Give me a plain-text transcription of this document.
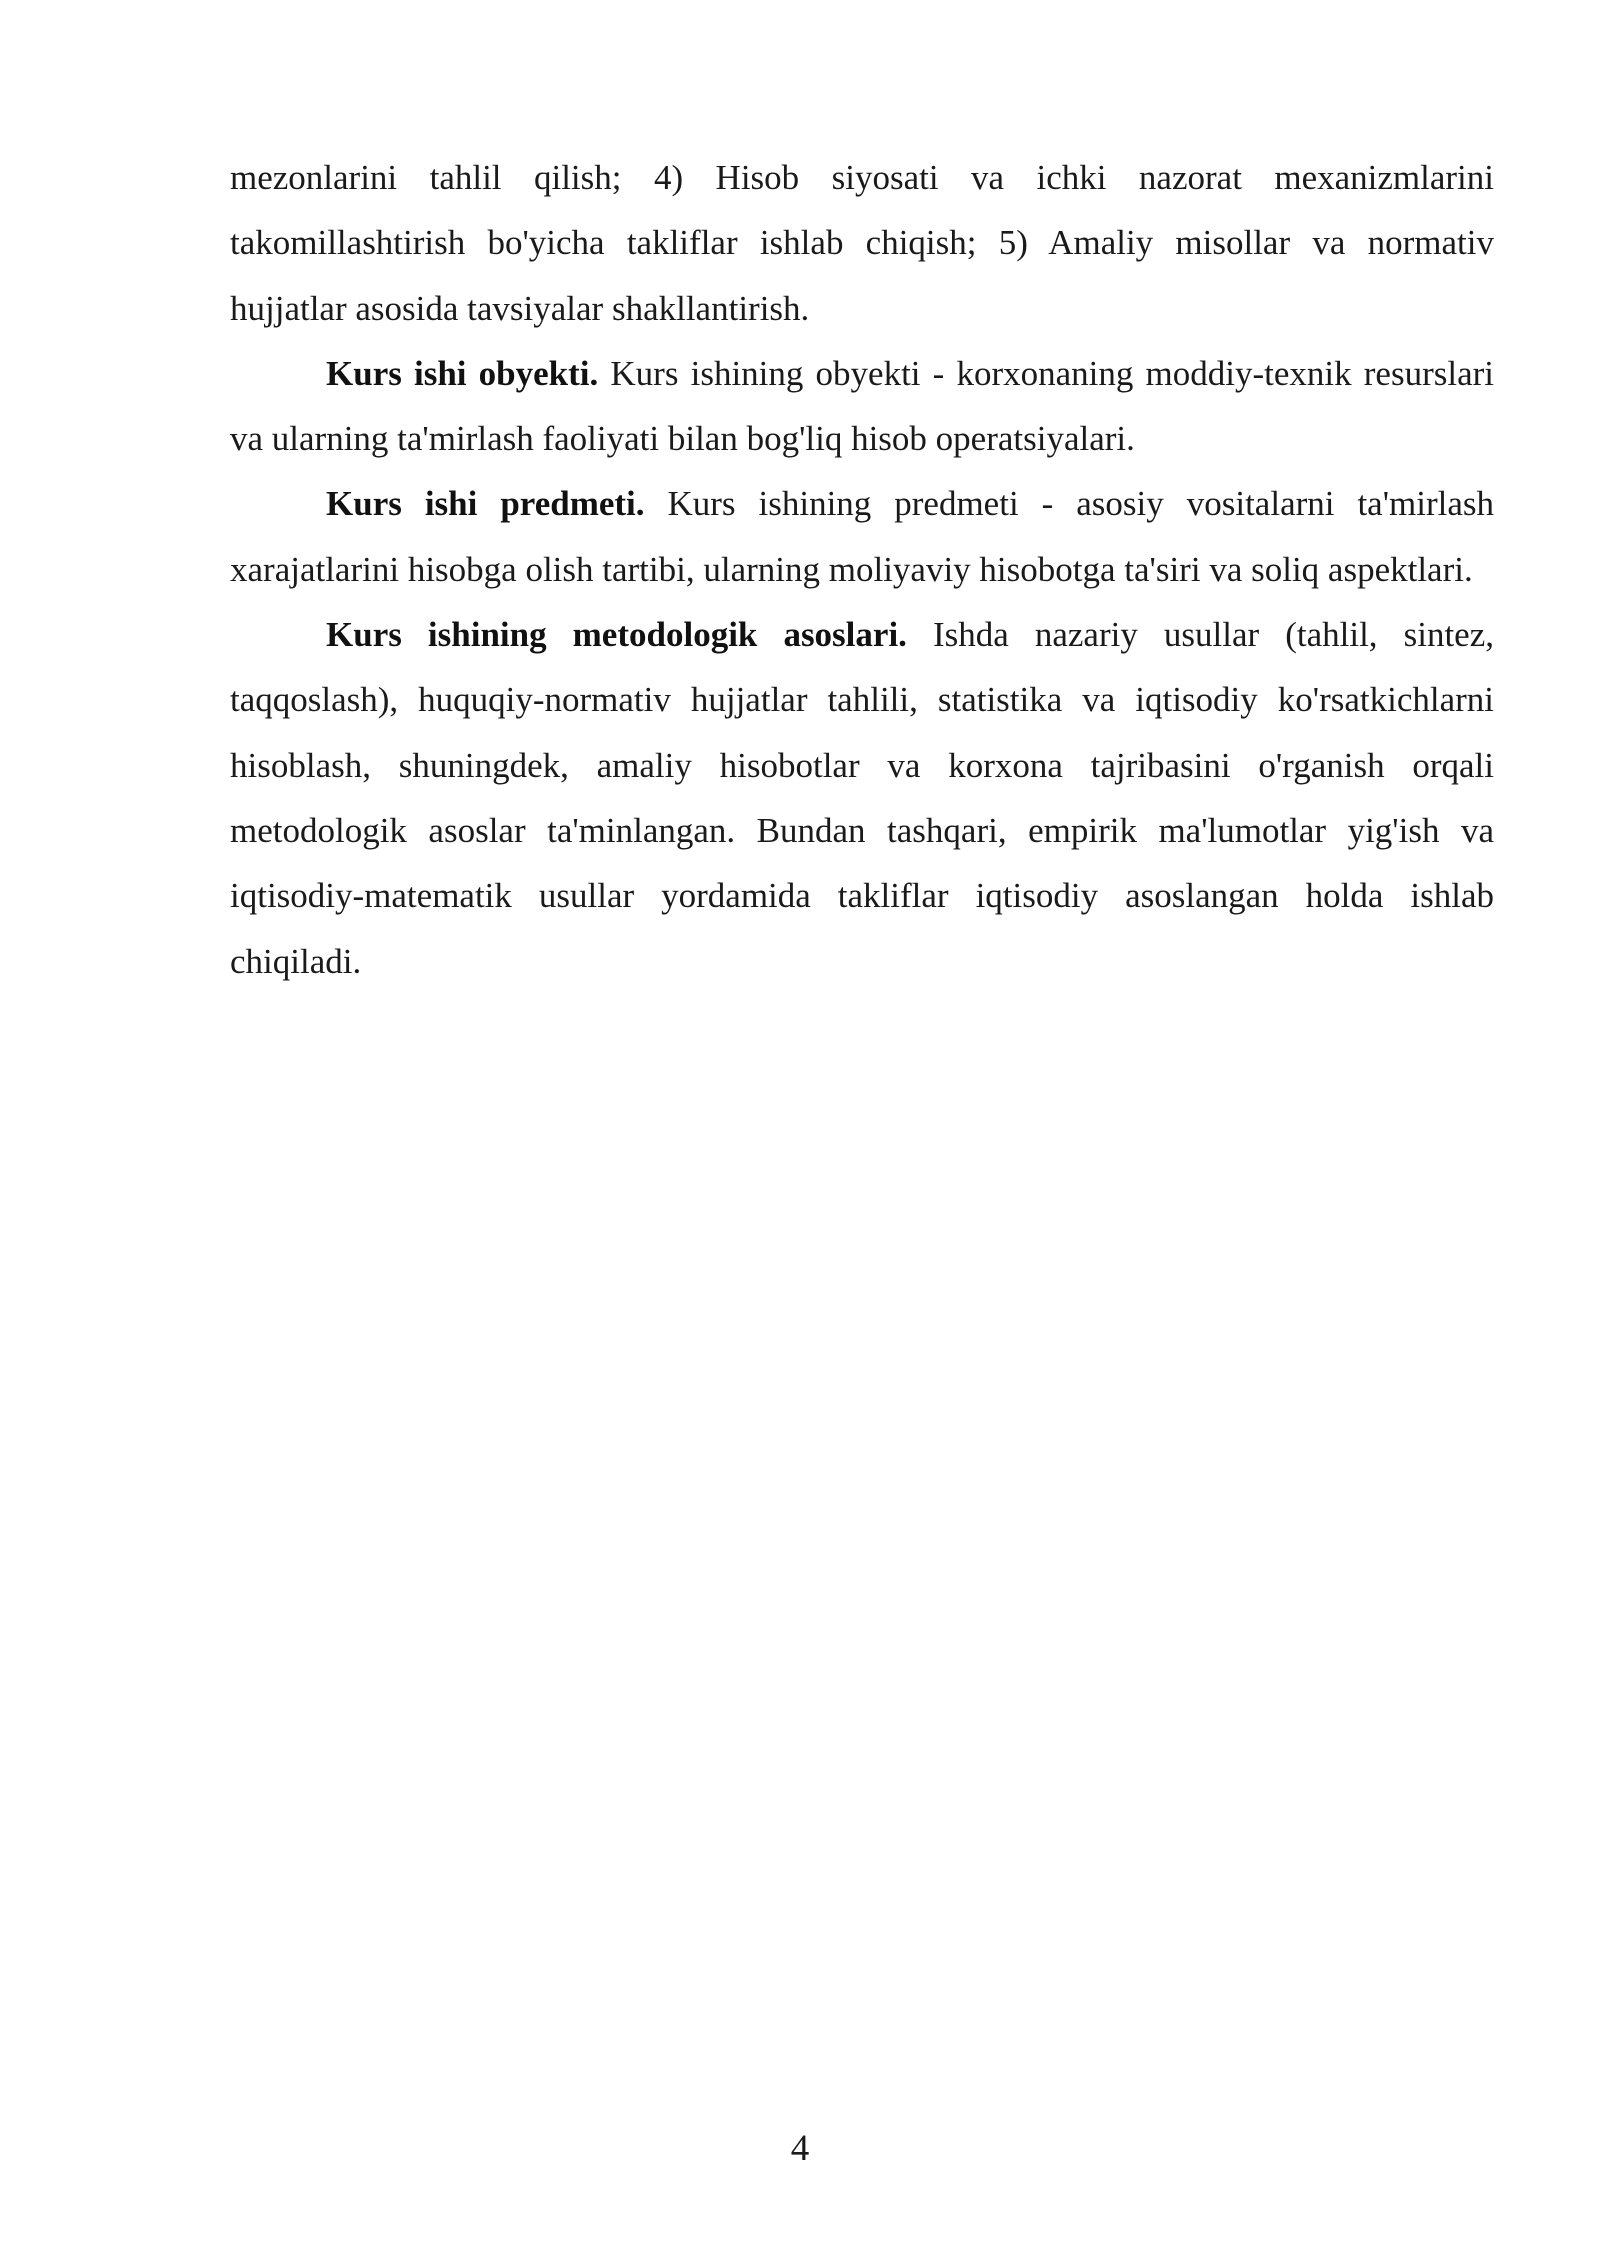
mezonlarini tahlil qilish; 4) Hisob siyosati va ichki nazorat mexanizmlarini takomillashtirish bo'yicha takliflar ishlab chiqish; 5) Amaliy misollar va normativ hujjatlar asosida tavsiyalar shakllantirish.

Kurs ishi obyekti. Kurs ishining obyekti - korxonaning moddiy-texnik resurslari va ularning ta'mirlash faoliyati bilan bog'liq hisob operatsiyalari.

Kurs ishi predmeti. Kurs ishining predmeti - asosiy vositalarni ta'mirlash xarajatlarini hisobga olish tartibi, ularning moliyaviy hisobotga ta'siri va soliq aspektlari.

Kurs ishining metodologik asoslari. Ishda nazariy usullar (tahlil, sintez, taqqoslash), huquqiy-normativ hujjatlar tahlili, statistika va iqtisodiy ko'rsatkichlarni hisoblash, shuningdek, amaliy hisobotlar va korxona tajribasini o'rganish orqali metodologik asoslar ta'minlangan. Bundan tashqari, empirik ma'lumotlar yig'ish va iqtisodiy-matematik usullar yordamida takliflar iqtisodiy asoslangan holda ishlab chiqiladi.

4
